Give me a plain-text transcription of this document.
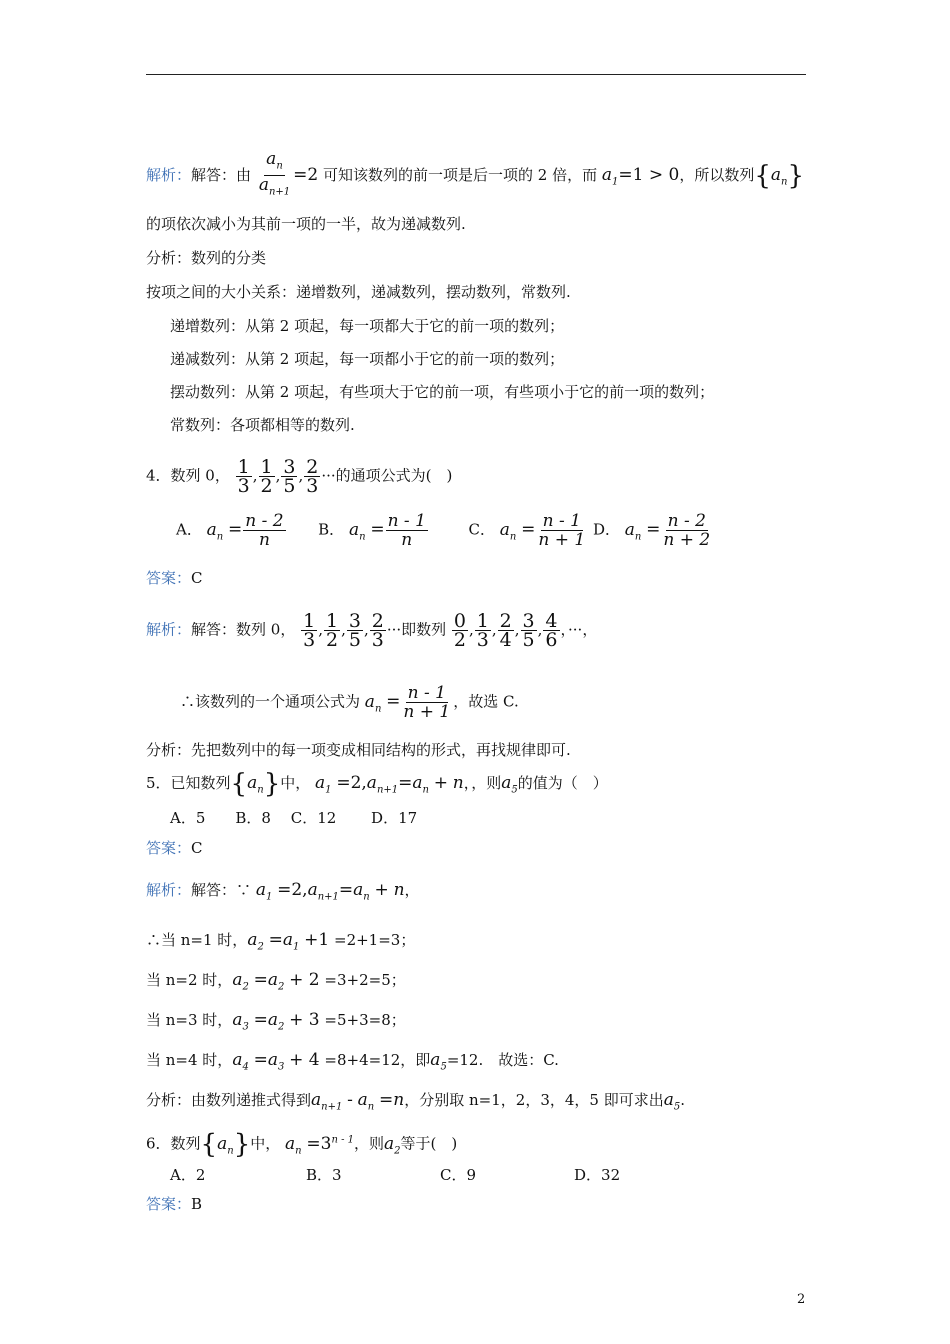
解析：解答：由 $\frac{a_n}{a_{n+1}} =2$ 可知该数列的前一项是后一项的 2 倍，而 $a_1=1 > 0$，所以数列$\{a_n\}$
的项依次减小为其前一项的一半，故为递减数列.
分析：数列的分类
按项之间的大小关系：递增数列，递减数列，摆动数列，常数列.
递增数列：从第 2 项起，每一项都大于它的前一项的数列；
递减数列：从第 2 项起，每一项都小于它的前一项的数列；
摆动数列：从第 2 项起，有些项大于它的前一项，有些项小于它的前一项的数列；
常数列：各项都相等的数列.
4．数列 0， $\frac{1}{3}$ , $\frac{1}{2}$ , $\frac{3}{5}$ , $\frac{2}{3}$ ···的通项公式为(　)
A． $a_n = \frac{n - 2}{n}$ B． $a_n = \frac{n - 1}{n}$	C． $a_n = \frac{n - 1}{n + 1}$ D． $a_n = \frac{n - 2}{n + 2}$
答案：C
解析：解答：数列 0， $\frac{1}{3}$ , $\frac{1}{2}$ , $\frac{3}{5}$ , $\frac{2}{3}$ ···即数列 $\frac{0}{2}$ , $\frac{1}{3}$ , $\frac{2}{4}$ , $\frac{3}{5}$ , $\frac{4}{6}$ ，···，
∴该数列的一个通项公式为 $a_n = \frac{n - 1}{n + 1}$ ，故选 C.
分析：先把数列中的每一项变成相同结构的形式，再找规律即可.
5．已知数列$\{a_n\}$中， $a_1 =2,a_{n+1}=a_n + n$，，则$a_5$的值为（　）
A．5　　B．8　 C．12　　 D．17
答案：C
解析：解答：∵ $a_1 =2,a_{n+1}=a_n + n$，
∴当 n=1 时，$a_2 =a_1 +1 =2+1=3$；
当 n=2 时，$a_2 =a_2 + 2 =3+2=5$；
当 n=3 时，$a_3 =a_2 + 3 =5+3=8$；
当 n=4 时，$a_4 =a_3 + 4 =8+4=12$，即$a_5=12$.　故选：C.
分析：由数列递推式得到$a_{n+1} - a_n =n$，分别取 n=1，2，3，4，5 即可求出$a_5$.
6．数列$\{a_n\}$中， $a_n =3^{n - 1}$，则$a_2$等于(　)
A．2	B．3	C．9	D．32
答案：B
2
